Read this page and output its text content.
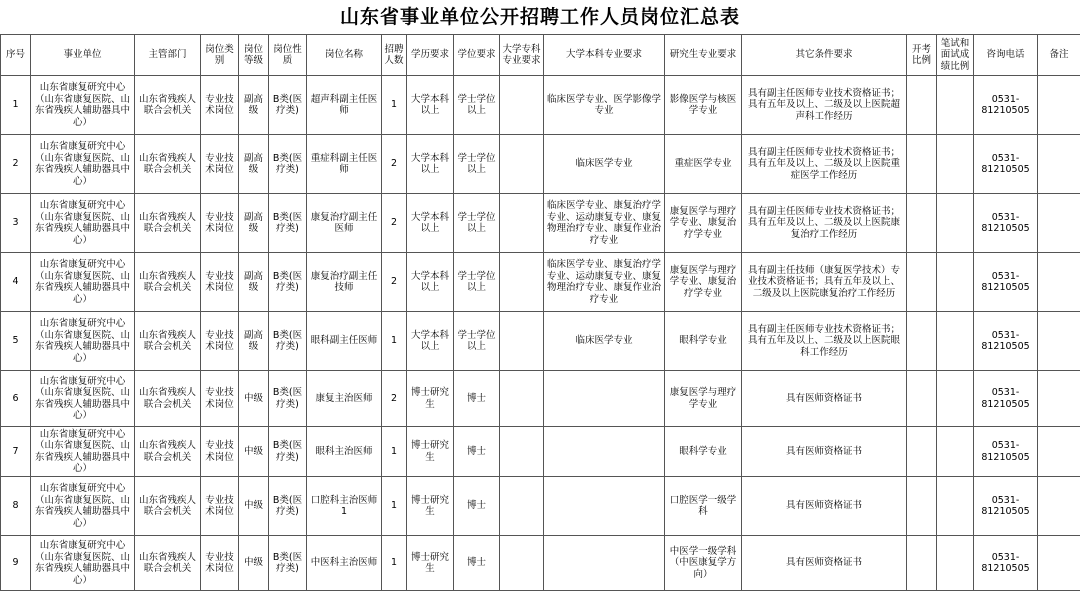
山东省事业单位公开招聘工作人员岗位汇总表
序号	事业单位	主管部门	岗位类别	岗位等级	岗位性质	岗位名称	招聘人数	学历要求	学位要求	大学专科专业要求	大学本科专业要求	研究生专业要求	其它条件要求	开考比例	笔试和面试成绩比例	咨询电话	备注
1	山东省康复研究中心（山东省康复医院、山东省残疾人辅助器具中心）	山东省残疾人联合会机关	专业技术岗位	副高级	B类(医疗类)	超声科副主任医师	1	大学本科以上	学士学位以上		临床医学专业、医学影像学专业	影像医学与核医学专业	具有副主任医师专业技术资格证书；具有五年及以上、二级及以上医院超声科工作经历			0531-81210505	
2	山东省康复研究中心（山东省康复医院、山东省残疾人辅助器具中心）	山东省残疾人联合会机关	专业技术岗位	副高级	B类(医疗类)	重症科副主任医师	2	大学本科以上	学士学位以上		临床医学专业	重症医学专业	具有副主任医师专业技术资格证书；具有五年及以上、二级及以上医院重症医学工作经历			0531-81210505	
3	山东省康复研究中心（山东省康复医院、山东省残疾人辅助器具中心）	山东省残疾人联合会机关	专业技术岗位	副高级	B类(医疗类)	康复治疗副主任医师	2	大学本科以上	学士学位以上		临床医学专业、康复治疗学专业、运动康复专业、康复物理治疗专业、康复作业治疗专业	康复医学与理疗学专业、康复治疗学专业	具有副主任医师专业技术资格证书；具有五年及以上、二级及以上医院康复治疗工作经历			0531-81210505	
4	山东省康复研究中心（山东省康复医院、山东省残疾人辅助器具中心）	山东省残疾人联合会机关	专业技术岗位	副高级	B类(医疗类)	康复治疗副主任技师	2	大学本科以上	学士学位以上		临床医学专业、康复治疗学专业、运动康复专业、康复物理治疗专业、康复作业治疗专业	康复医学与理疗学专业、康复治疗学专业	具有副主任技师（康复医学技术）专业技术资格证书；具有五年及以上、二级及以上医院康复治疗工作经历			0531-81210505	
5	山东省康复研究中心（山东省康复医院、山东省残疾人辅助器具中心）	山东省残疾人联合会机关	专业技术岗位	副高级	B类(医疗类)	眼科副主任医师	1	大学本科以上	学士学位以上		临床医学专业	眼科学专业	具有副主任医师专业技术资格证书；具有五年及以上、二级及以上医院眼科工作经历			0531-81210505	
6	山东省康复研究中心（山东省康复医院、山东省残疾人辅助器具中心）	山东省残疾人联合会机关	专业技术岗位	中级	B类(医疗类)	康复主治医师	2	博士研究生	博士			康复医学与理疗学专业	具有医师资格证书			0531-81210505	
7	山东省康复研究中心（山东省康复医院、山东省残疾人辅助器具中心）	山东省残疾人联合会机关	专业技术岗位	中级	B类(医疗类)	眼科主治医师	1	博士研究生	博士			眼科学专业	具有医师资格证书			0531-81210505	
8	山东省康复研究中心（山东省康复医院、山东省残疾人辅助器具中心）	山东省残疾人联合会机关	专业技术岗位	中级	B类(医疗类)	口腔科主治医师1	1	博士研究生	博士			口腔医学一级学科	具有医师资格证书			0531-81210505	
9	山东省康复研究中心（山东省康复医院、山东省残疾人辅助器具中心）	山东省残疾人联合会机关	专业技术岗位	中级	B类(医疗类)	中医科主治医师	1	博士研究生	博士			中医学一级学科（中医康复学方向）	具有医师资格证书			0531-81210505	
